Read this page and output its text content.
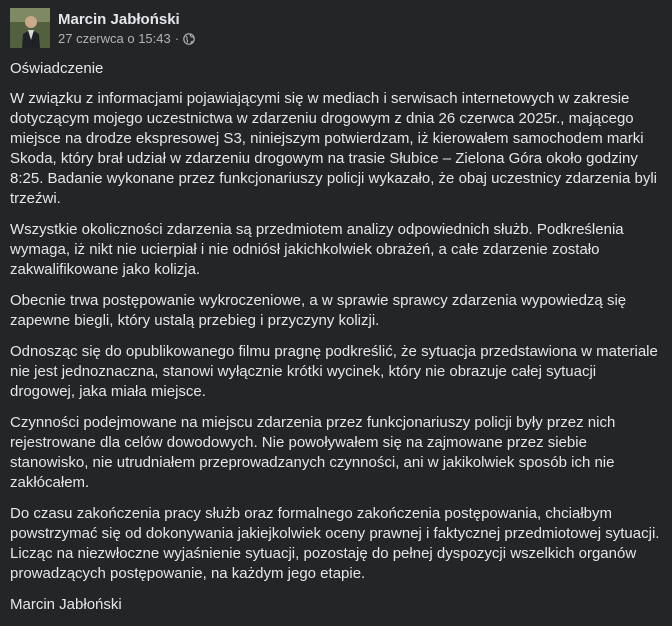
Marcin Jabłoński
27 czerwca o 15:43 ·

Oświadczenie

W związku z informacjami pojawiającymi się w mediach i serwisach internetowych w zakresie dotyczącym mojego uczestnictwa w zdarzeniu drogowym z dnia 26 czerwca 2025r., mającego miejsce na drodze ekspresowej S3, niniejszym potwierdzam, iż kierowałem samochodem marki Skoda, który brał udział w zdarzeniu drogowym na trasie Słubice – Zielona Góra około godziny 8:25. Badanie wykonane przez funkcjonariuszy policji wykazało, że obaj uczestnicy zdarzenia byli trzeźwi.

Wszystkie okoliczności zdarzenia są przedmiotem analizy odpowiednich służb. Podkreślenia wymaga, iż nikt nie ucierpiał i nie odniósł jakichkolwiek obrażeń, a całe zdarzenie zostało zakwalifikowane jako kolizja.

Obecnie trwa postępowanie wykroczeniowe, a w sprawie sprawcy zdarzenia wypowiedzą się zapewne biegli, który ustalą przebieg i przyczyny kolizji.

Odnosząc się do opublikowanego filmu pragnę podkreślić, że sytuacja przedstawiona w materiale nie jest jednoznaczna, stanowi wyłącznie krótki wycinek, który nie obrazuje całej sytuacji drogowej, jaka miała miejsce.

Czynności podejmowane na miejscu zdarzenia przez funkcjonariuszy policji były przez nich rejestrowane dla celów dowodowych. Nie powoływałem się na zajmowane przez siebie stanowisko, nie utrudniałem przeprowadzanych czynności, ani w jakikolwiek sposób ich nie zakłócałem.

Do czasu zakończenia pracy służb oraz formalnego zakończenia postępowania, chciałbym powstrzymać się od dokonywania jakiejkolwiek oceny prawnej i faktycznej przedmiotowej sytuacji. Licząc na niezwłoczne wyjaśnienie sytuacji, pozostaję do pełnej dyspozycji wszelkich organów prowadzących postępowanie, na każdym jego etapie.

Marcin Jabłoński
